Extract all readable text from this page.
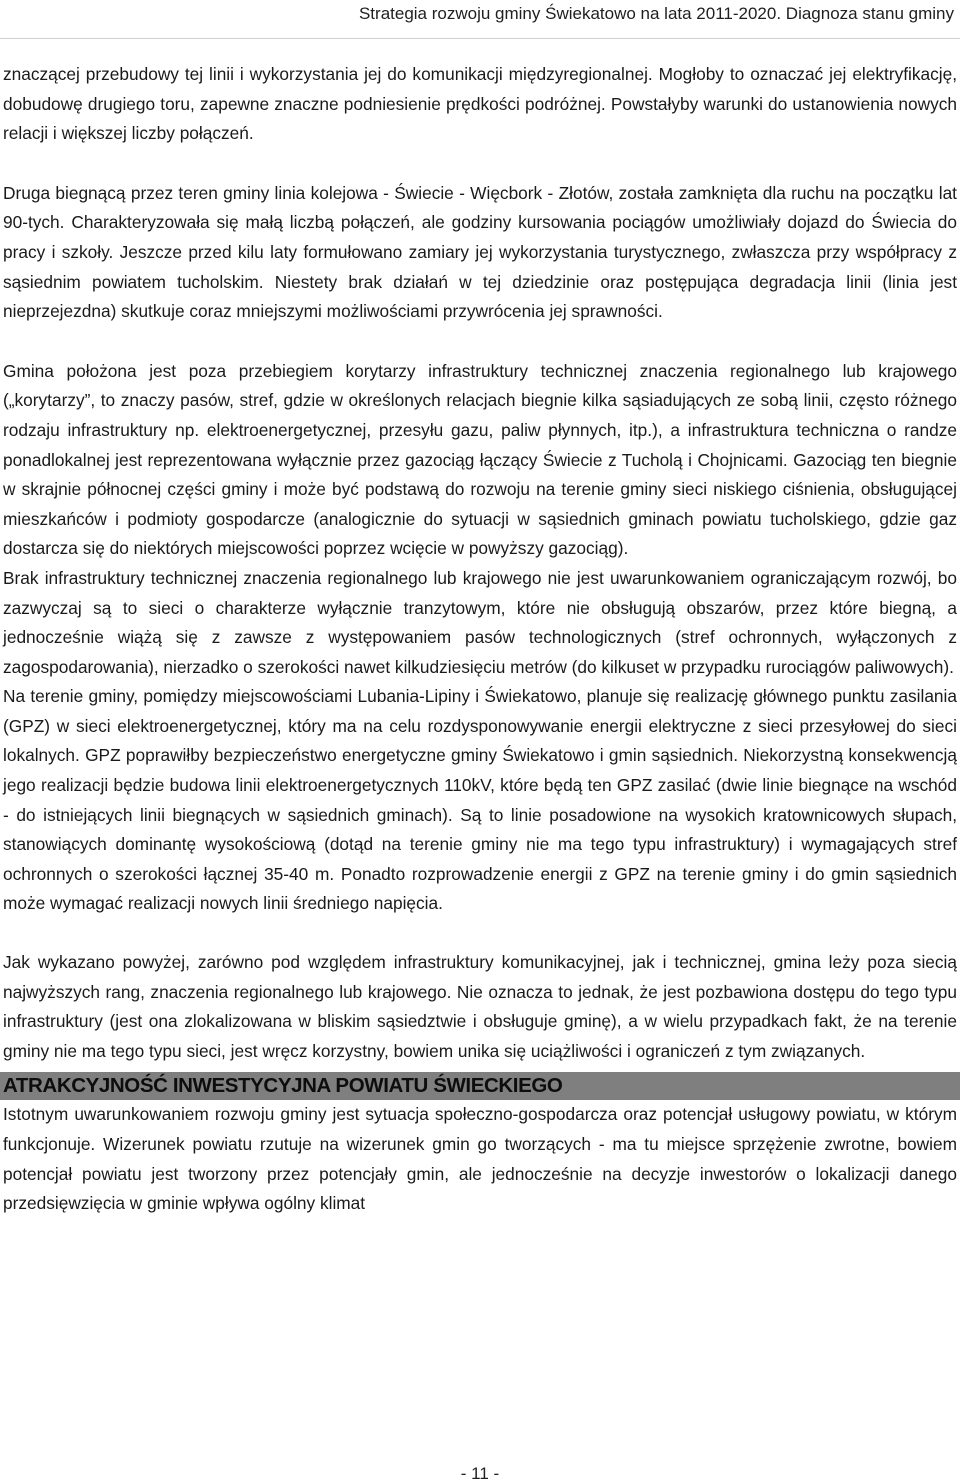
Strategia rozwoju gminy Świekatowo na lata 2011-2020. Diagnoza stanu gminy

znaczącej przebudowy tej linii i wykorzystania jej do komunikacji międzyregionalnej. Mogłoby to oznaczać jej elektryfikację, dobudowę drugiego toru, zapewne znaczne podniesienie prędkości podróżnej. Powstałyby warunki do ustanowienia nowych relacji i większej liczby połączeń.

Druga biegnącą przez teren gminy linia kolejowa - Świecie - Więcbork - Złotów, została zamknięta dla ruchu na początku lat 90-tych. Charakteryzowała się małą liczbą połączeń, ale godziny kursowania pociągów umożliwiały dojazd do Świecia do pracy i szkoły. Jeszcze przed kilu laty formułowano zamiary jej wykorzystania turystycznego, zwłaszcza przy współpracy z sąsiednim powiatem tucholskim. Niestety brak działań w tej dziedzinie oraz postępująca degradacja linii (linia jest nieprzejezdna) skutkuje coraz mniejszymi możliwościami przywrócenia jej sprawności.

Gmina położona jest poza przebiegiem korytarzy infrastruktury technicznej znaczenia regionalnego lub krajowego („korytarzy”, to znaczy pasów, stref, gdzie w określonych relacjach biegnie kilka sąsiadujących ze sobą linii, często różnego rodzaju infrastruktury np. elektroenergetycznej, przesyłu gazu, paliw płynnych, itp.), a infrastruktura techniczna o randze ponadlokalnej jest reprezentowana wyłącznie przez gazociąg łączący Świecie z Tucholą i Chojnicami. Gazociąg ten biegnie w skrajnie północnej części gminy i może być podstawą do rozwoju na terenie gminy sieci niskiego ciśnienia, obsługującej mieszkańców i podmioty gospodarcze (analogicznie do sytuacji w sąsiednich gminach powiatu tucholskiego, gdzie gaz dostarcza się do niektórych miejscowości poprzez wcięcie w powyższy gazociąg).

Brak infrastruktury technicznej znaczenia regionalnego lub krajowego nie jest uwarunkowaniem ograniczającym rozwój, bo zazwyczaj są to sieci o charakterze wyłącznie tranzytowym, które nie obsługują obszarów, przez które biegną, a jednocześnie wiążą się z zawsze z występowaniem pasów technologicznych (stref ochronnych, wyłączonych z zagospodarowania), nierzadko o szerokości nawet kilkudziesięciu metrów (do kilkuset w przypadku rurociągów paliwowych).

Na terenie gminy, pomiędzy miejscowościami Lubania-Lipiny i Świekatowo, planuje się realizację głównego punktu zasilania (GPZ) w sieci elektroenergetycznej, który ma na celu rozdysponowywanie energii elektryczne z sieci przesyłowej do sieci lokalnych. GPZ poprawiłby bezpieczeństwo energetyczne gminy Świekatowo i gmin sąsiednich. Niekorzystną konsekwencją jego realizacji będzie budowa linii elektroenergetycznych 110kV, które będą ten GPZ zasilać (dwie linie biegnące na wschód - do istniejących linii biegnących w sąsiednich gminach). Są to linie posadowione na wysokich kratownicowych słupach, stanowiących dominantę wysokościową (dotąd na terenie gminy nie ma tego typu infrastruktury) i wymagających stref ochronnych o szerokości łącznej 35-40 m. Ponadto rozprowadzenie energii z GPZ na terenie gminy i do gmin sąsiednich może wymagać realizacji nowych linii średniego napięcia.

Jak wykazano powyżej, zarówno pod względem infrastruktury komunikacyjnej, jak i technicznej, gmina leży poza siecią najwyższych rang, znaczenia regionalnego lub krajowego. Nie oznacza to jednak, że jest pozbawiona dostępu do tego typu infrastruktury (jest ona zlokalizowana w bliskim sąsiedztwie i obsługuje gminę), a w wielu przypadkach fakt, że na terenie gminy nie ma tego typu sieci, jest wręcz korzystny, bowiem unika się uciążliwości i ograniczeń z tym związanych.

ATRAKCYJNOŚĆ INWESTYCYJNA POWIATU ŚWIECKIEGO

Istotnym uwarunkowaniem rozwoju gminy jest sytuacja społeczno-gospodarcza oraz potencjał usługowy powiatu, w którym funkcjonuje. Wizerunek powiatu rzutuje na wizerunek gmin go tworzących - ma tu miejsce sprzężenie zwrotne, bowiem potencjał powiatu jest tworzony przez potencjały gmin, ale jednocześnie na decyzje inwestorów o lokalizacji danego przedsięwzięcia w gminie wpływa ogólny klimat

- 11 -
